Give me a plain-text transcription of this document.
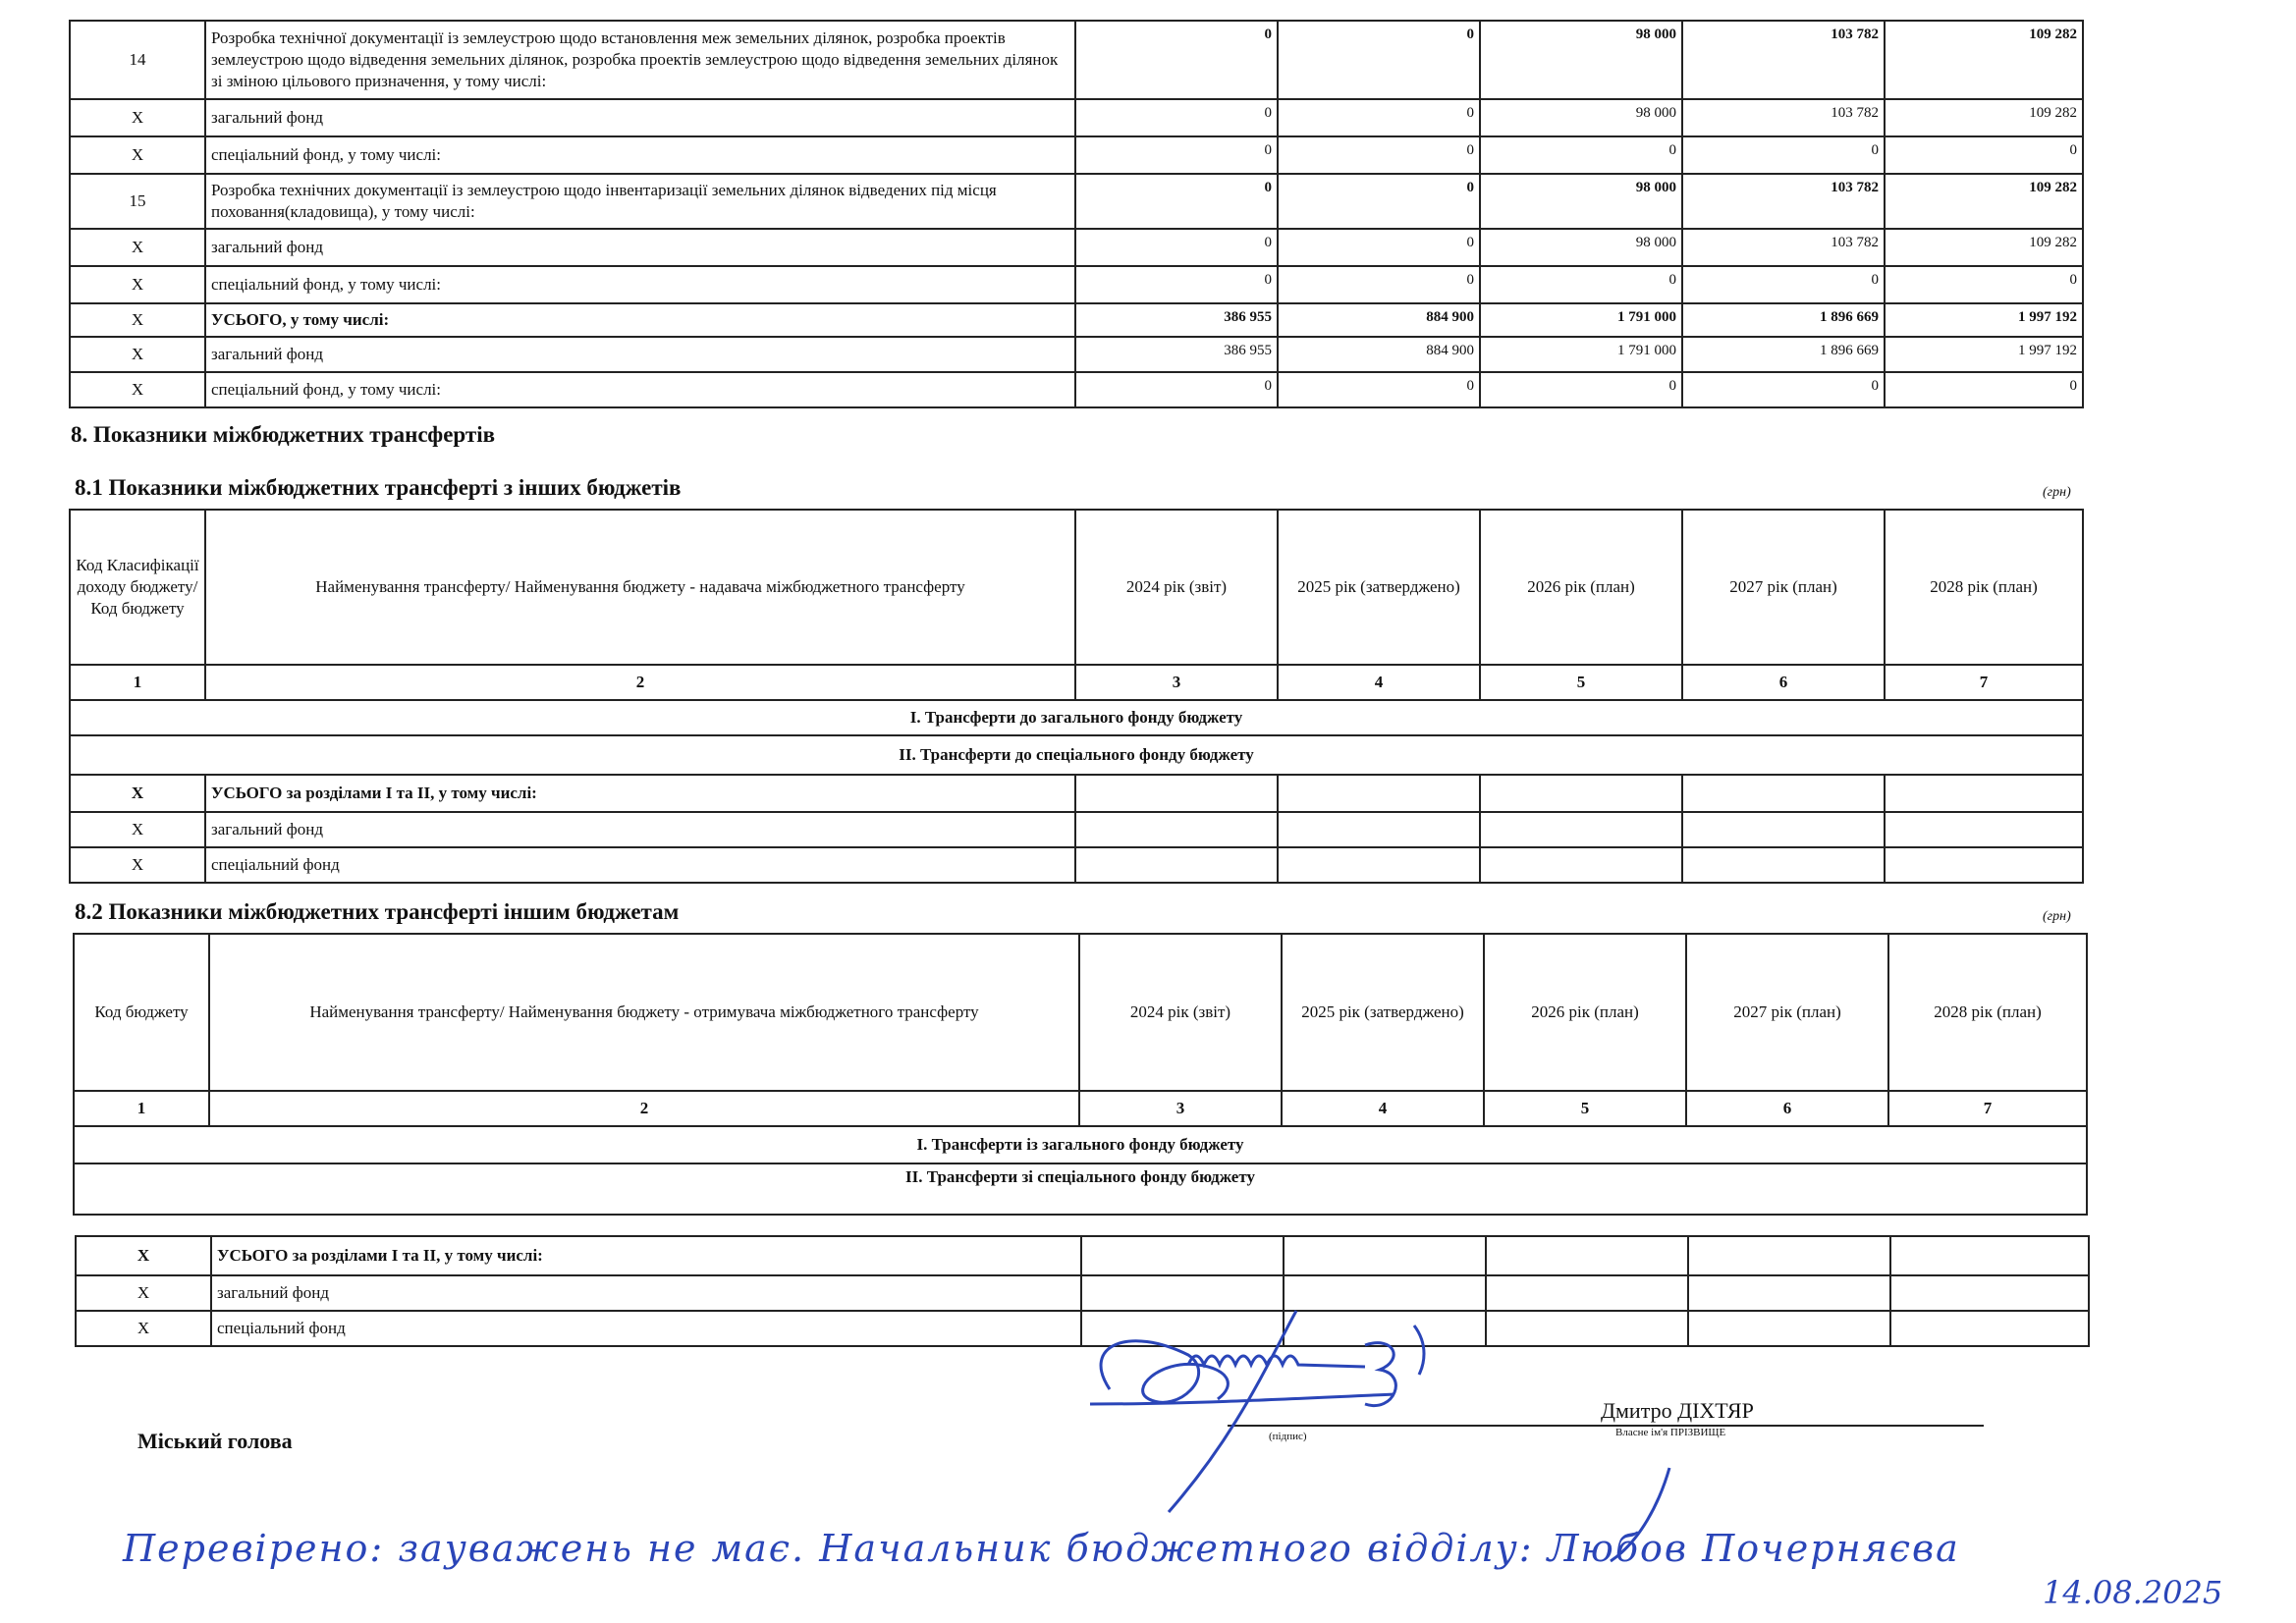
14	Розробка технічної документації із землеустрою щодо встановлення меж земельних ділянок, розробка проектів землеустрою щодо відведення земельних ділянок, розробка проектів землеустрою щодо відведення земельних ділянок зі зміною цільового призначення, у тому числі:	0	0	98 000	103 782	109 282
X	загальний фонд	0	0	98 000	103 782	109 282
X	спеціальний фонд, у тому числі:	0	0	0	0	0
15	Розробка технічних документації із землеустрою щодо інвентаризації земельних ділянок відведених під місця поховання(кладовища), у тому числі:	0	0	98 000	103 782	109 282
X	загальний фонд	0	0	98 000	103 782	109 282
X	спеціальний фонд, у тому числі:	0	0	0	0	0
X	УСЬОГО, у тому числі:	386 955	884 900	1 791 000	1 896 669	1 997 192
X	загальний фонд	386 955	884 900	1 791 000	1 896 669	1 997 192
X	спеціальний фонд, у тому числі:	0	0	0	0	0
8. Показники міжбюджетних трансфертів
8.1 Показники міжбюджетних трансферті з інших бюджетів	(грн)
Код Класифікації доходу бюджету/Код бюджету	Найменування трансферту/ Найменування бюджету - надавача міжбюджетного трансферту	2024 рік (звіт)	2025 рік (затверджено)	2026 рік (план)	2027 рік (план)	2028 рік (план)
1	2	3	4	5	6	7
І. Трансферти до загального фонду бюджету						
ІІ. Трансферти до спеціального фонду бюджету						
X	УСЬОГО за розділами І та ІІ, у тому числі:					
X	загальний фонд					
X	спеціальний фонд					
8.2 Показники міжбюджетних трансферті іншим бюджетам	(грн)
Код бюджету	Найменування трансферту/ Найменування бюджету - отримувача міжбюджетного трансферту	2024 рік (звіт)	2025 рік (затверджено)	2026 рік (план)	2027 рік (план)	2028 рік (план)
1	2	3	4	5	6	7
І. Трансферти із загального фонду бюджету						
ІІ. Трансферти зі спеціального фонду бюджету						
X	УСЬОГО за розділами І та ІІ, у тому числі:					
X	загальний фонд					
X	спеціальний фонд					
Міський голова
Дмитро ДІХТЯР
(підпис)	Власне ім'я ПРІЗВИЩЕ
Перевірено: зауважень не має. Начальник бюджетного відділу: Любов Почерняєва
14.08.2025
